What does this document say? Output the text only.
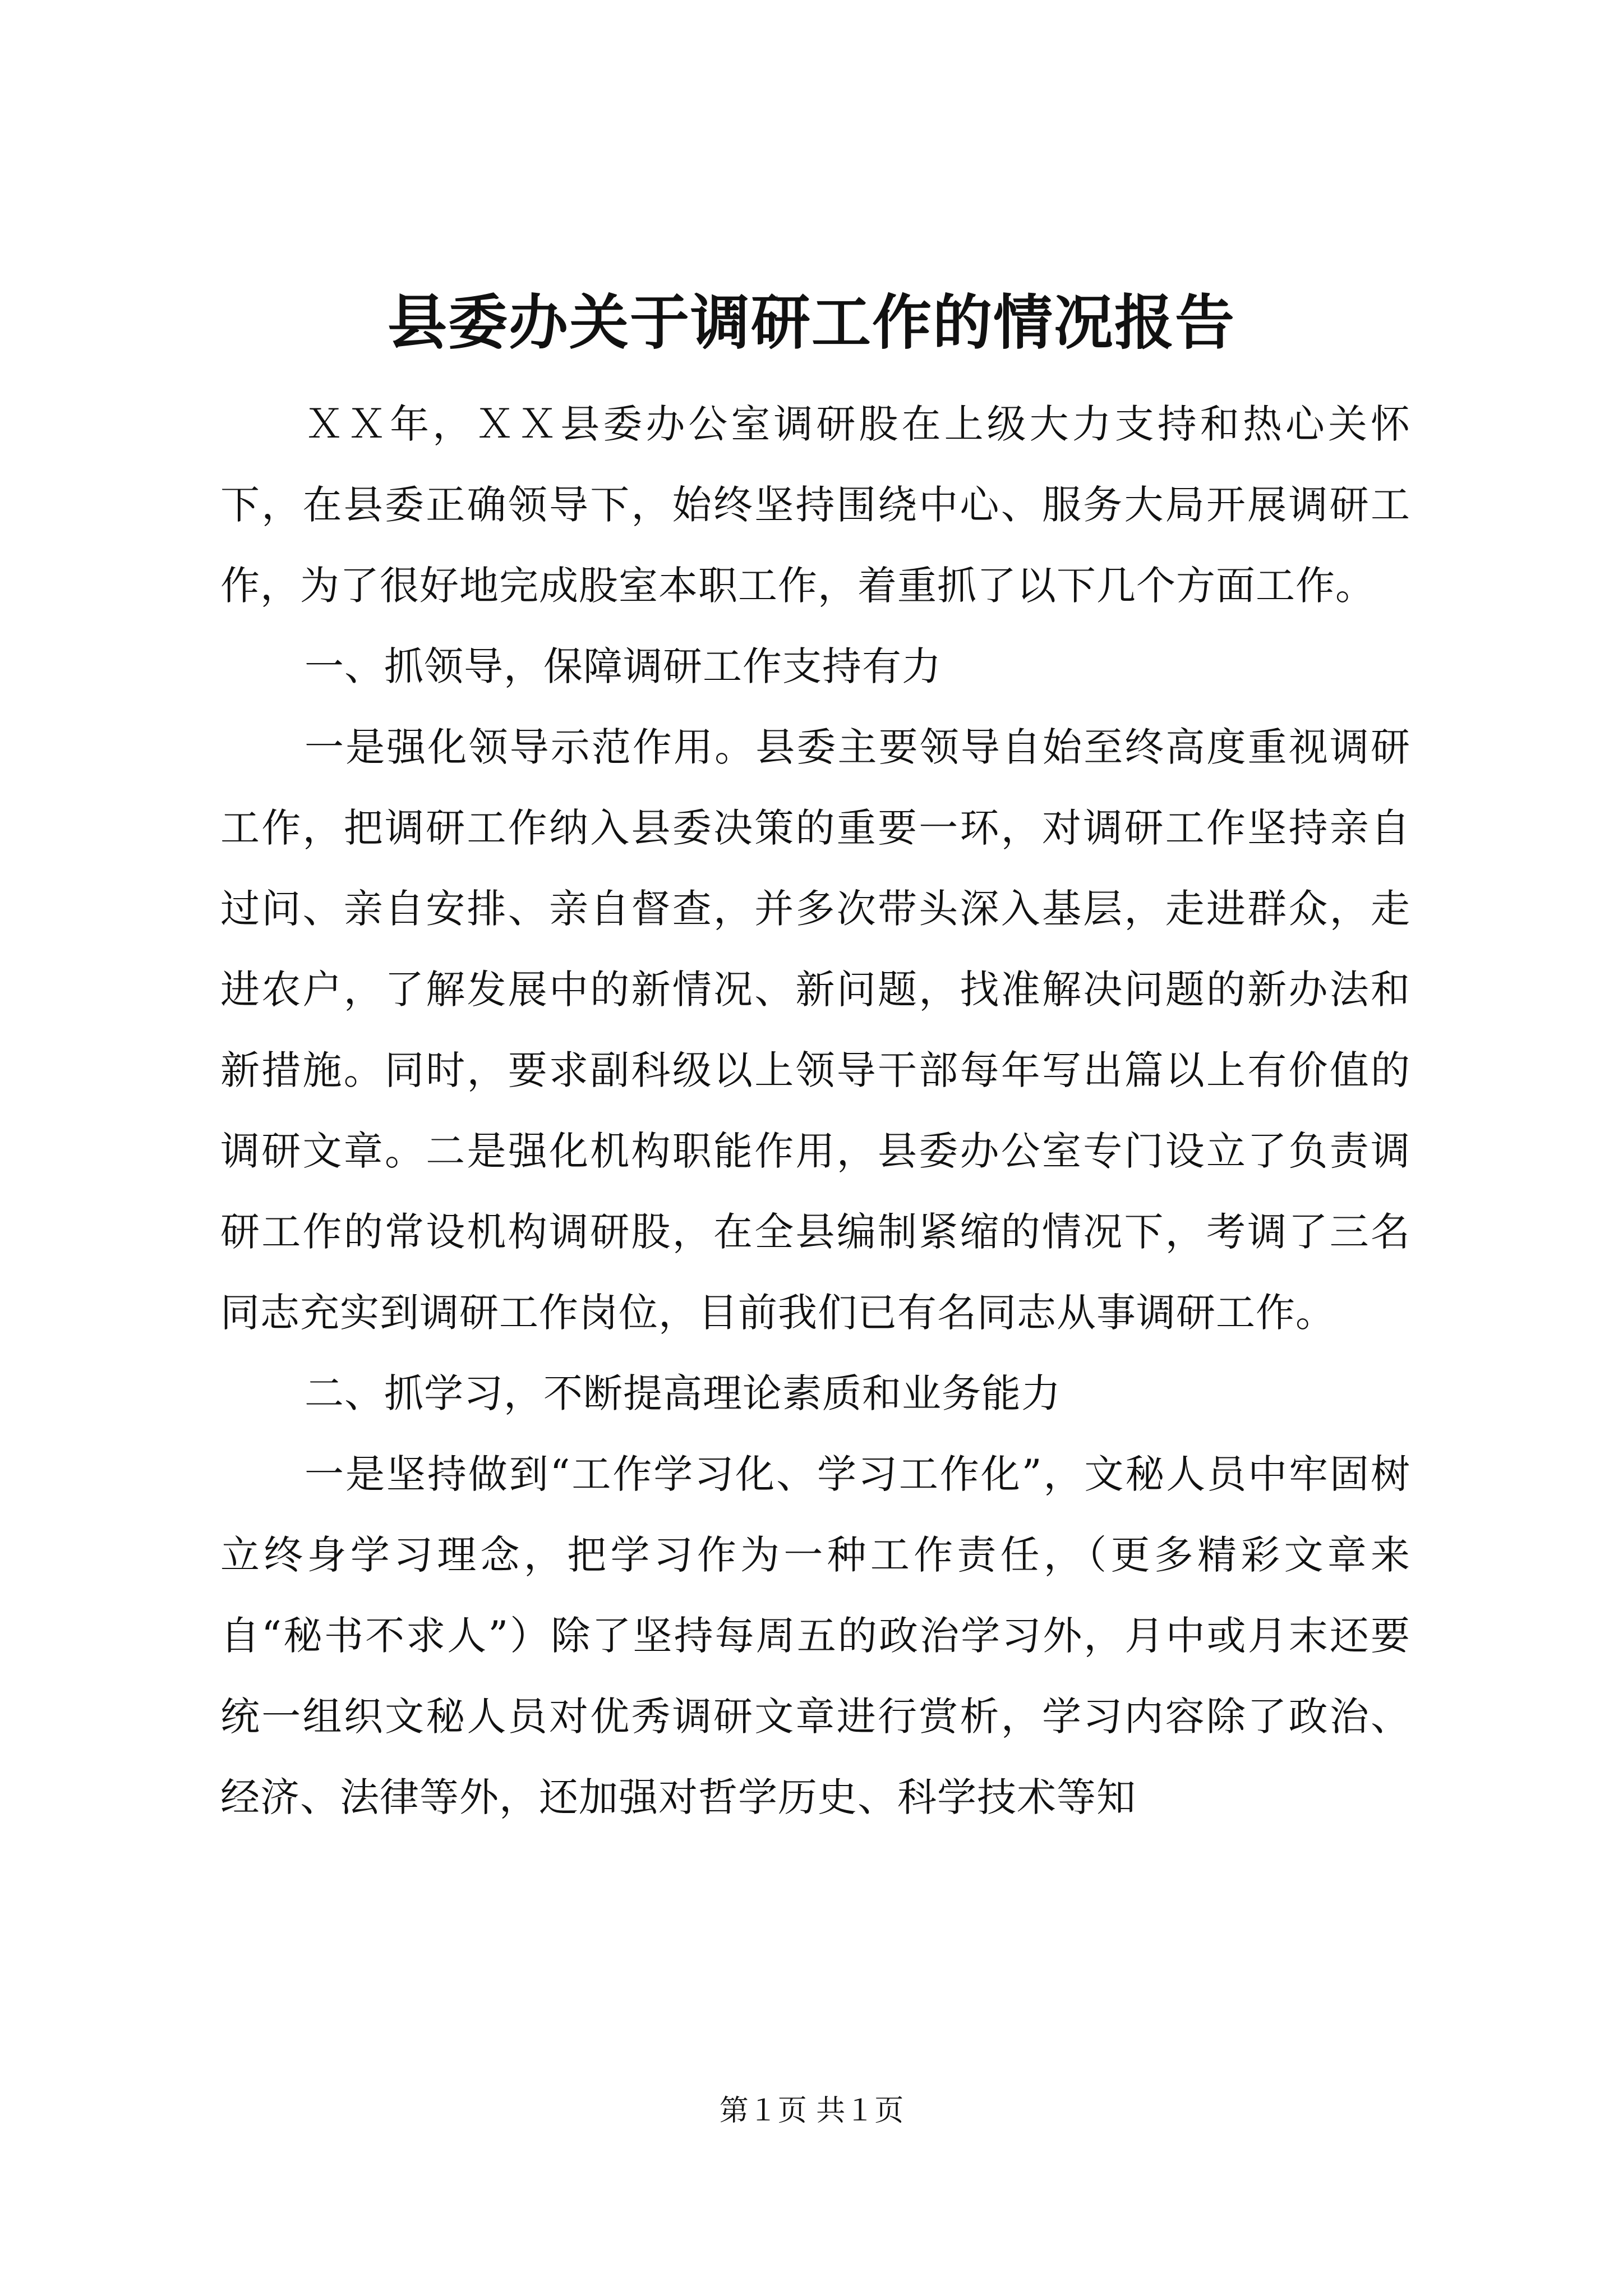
县委办关于调研工作的情况报告

ＸＸ年，ＸＸ县委办公室调研股在上级大力支持和热心关怀下，在县委正确领导下，始终坚持围绕中心、服务大局开展调研工作，为了很好地完成股室本职工作，着重抓了以下几个方面工作。

一、抓领导，保障调研工作支持有力

一是强化领导示范作用。县委主要领导自始至终高度重视调研工作，把调研工作纳入县委决策的重要一环，对调研工作坚持亲自过问、亲自安排、亲自督查，并多次带头深入基层，走进群众，走进农户，了解发展中的新情况、新问题，找准解决问题的新办法和新措施。同时，要求副科级以上领导干部每年写出篇以上有价值的调研文章。二是强化机构职能作用，县委办公室专门设立了负责调研工作的常设机构调研股，在全县编制紧缩的情况下，考调了三名同志充实到调研工作岗位，目前我们已有名同志从事调研工作。

二、抓学习，不断提高理论素质和业务能力

一是坚持做到“工作学习化、学习工作化”，文秘人员中牢固树立终身学习理念，把学习作为一种工作责任，（更多精彩文章来自“秘书不求人”）除了坚持每周五的政治学习外，月中或月末还要统一组织文秘人员对优秀调研文章进行赏析，学习内容除了政治、经济、法律等外，还加强对哲学历史、科学技术等知

第１页 共１页
